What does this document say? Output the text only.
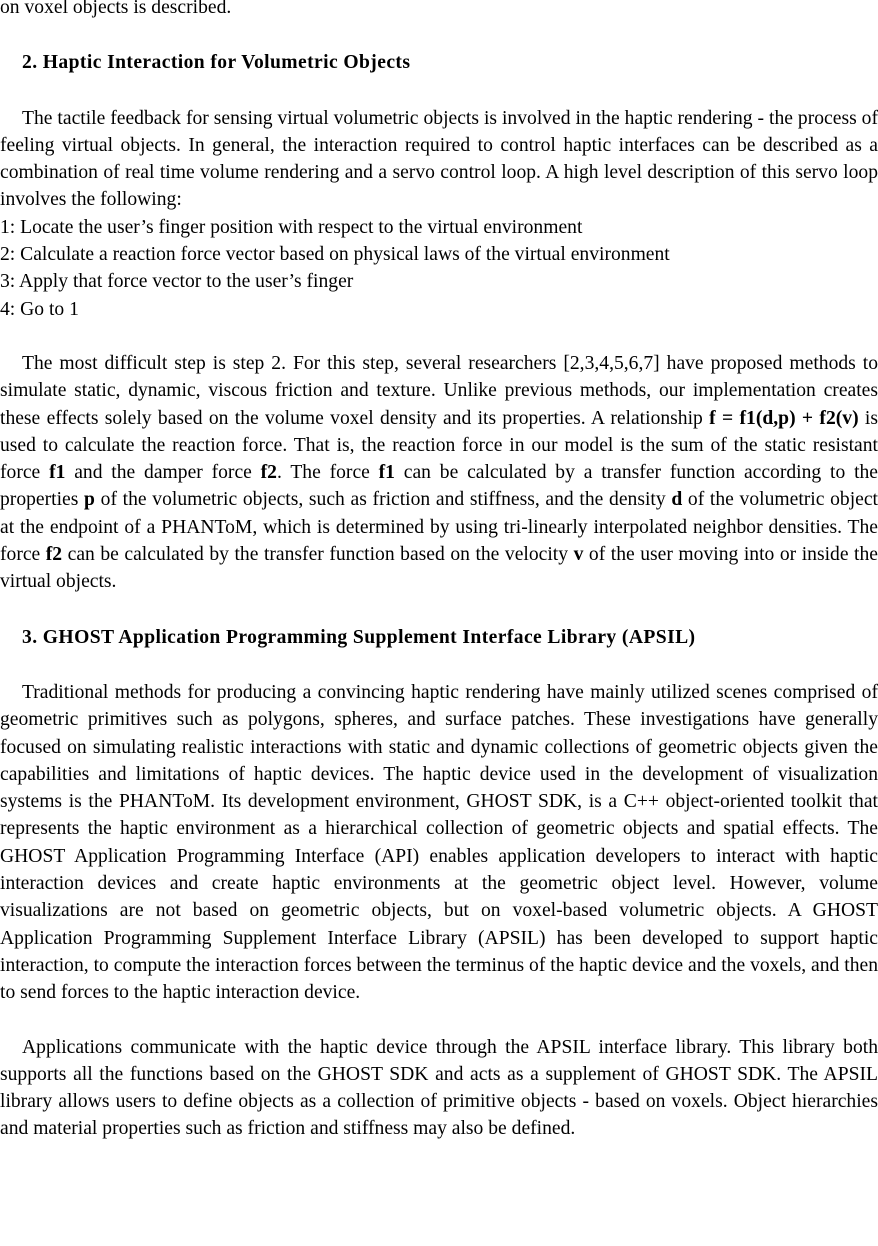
on voxel objects is described.

2. Haptic Interaction for Volumetric Objects

The tactile feedback for sensing virtual volumetric objects is involved in the haptic rendering - the process of feeling virtual objects. In general, the interaction required to control haptic interfaces can be described as a combination of real time volume rendering and a servo control loop. A high level description of this servo loop involves the following:

1: Locate the user’s finger position with respect to the virtual environment

2: Calculate a reaction force vector based on physical laws of the virtual environment

3: Apply that force vector to the user’s finger

4: Go to 1

The most difficult step is step 2. For this step, several researchers [2,3,4,5,6,7] have proposed methods to simulate static, dynamic, viscous friction and texture. Unlike previous methods, our implementation creates these effects solely based on the volume voxel density and its properties. A relationship f = f1(d,p) + f2(v) is used to calculate the reaction force. That is, the reaction force in our model is the sum of the static resistant force f1 and the damper force f2. The force f1 can be calculated by a transfer function according to the properties p of the volumetric objects, such as friction and stiffness, and the density d of the volumetric object at the endpoint of a PHANToM, which is determined by using tri-linearly interpolated neighbor densities. The force f2 can be calculated by the transfer function based on the velocity v of the user moving into or inside the virtual objects.

3. GHOST Application Programming Supplement Interface Library (APSIL)

Traditional methods for producing a convincing haptic rendering have mainly utilized scenes comprised of geometric primitives such as polygons, spheres, and surface patches. These investigations have generally focused on simulating realistic interactions with static and dynamic collections of geometric objects given the capabilities and limitations of haptic devices. The haptic device used in the development of visualization systems is the PHANToM. Its development environment, GHOST SDK, is a C++ object-oriented toolkit that represents the haptic environment as a hierarchical collection of geometric objects and spatial effects. The GHOST Application Programming Interface (API) enables application developers to interact with haptic interaction devices and create haptic environments at the geometric object level. However, volume visualizations are not based on geometric objects, but on voxel-based volumetric objects. A GHOST Application Programming Supplement Interface Library (APSIL) has been developed to support haptic interaction, to compute the interaction forces between the terminus of the haptic device and the voxels, and then to send forces to the haptic interaction device.

Applications communicate with the haptic device through the APSIL interface library. This library both supports all the functions based on the GHOST SDK and acts as a supplement of GHOST SDK. The APSIL library allows users to define objects as a collection of primitive objects - based on voxels. Object hierarchies and material properties such as friction and stiffness may also be defined.
